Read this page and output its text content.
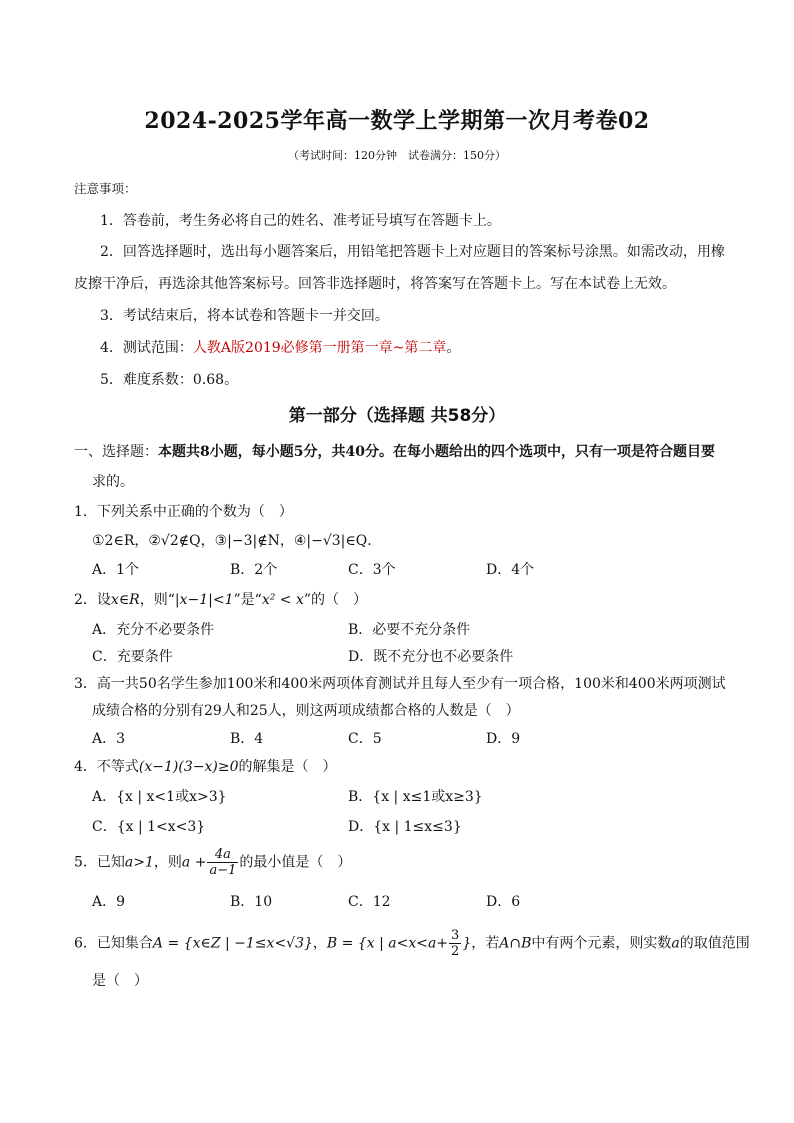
2024-2025学年高一数学上学期第一次月考卷02
（考试时间：120分钟　试卷满分：150分）
注意事项：
1．答卷前，考生务必将自己的姓名、准考证号填写在答题卡上。
2．回答选择题时，选出每小题答案后，用铅笔把答题卡上对应题目的答案标号涂黑。如需改动，用橡
皮擦干净后，再选涂其他答案标号。回答非选择题时，将答案写在答题卡上。写在本试卷上无效。
3．考试结束后，将本试卷和答题卡一并交回。
4．测试范围：人教A版2019必修第一册第一章~第二章。
5．难度系数：0.68。
第一部分（选择题 共58分）
一、选择题：本题共8小题，每小题5分，共40分。在每小题给出的四个选项中，只有一项是符合题目要
求的。
1．下列关系中正确的个数为（　）
①2∈R，②√2∉Q，③|−3|∉N，④|−√3|∈Q．
A．1个	B．2个	C．3个	D．4个
2．设x∈R，则“|x−1|<1”是“x² < x”的（　）
A．充分不必要条件	B．必要不充分条件
C．充要条件	D．既不充分也不必要条件
3．高一共50名学生参加100米和400米两项体育测试并且每人至少有一项合格，100米和400米两项测试
成绩合格的分别有29人和25人，则这两项成绩都合格的人数是（　）
A．3	B．4	C．5	D．9
4．不等式(x−1)(3−x)≥0的解集是（　）
A．{x | x<1或x>3}	B．{x | x≤1或x≥3}
C．{x | 1<x<3}	D．{x | 1≤x≤3}
5．已知a>1，则$a + \frac{4a}{a-1}$ 的最小值是（　）
A．9	B．10	C．12	D．6
6．已知集合A = {x∈Z | −1≤x<√3}，B = {x | $a<x<a+ \frac{3}{2}$ }，若A∩B中有两个元素，则实数a的取值范围
是（　）
